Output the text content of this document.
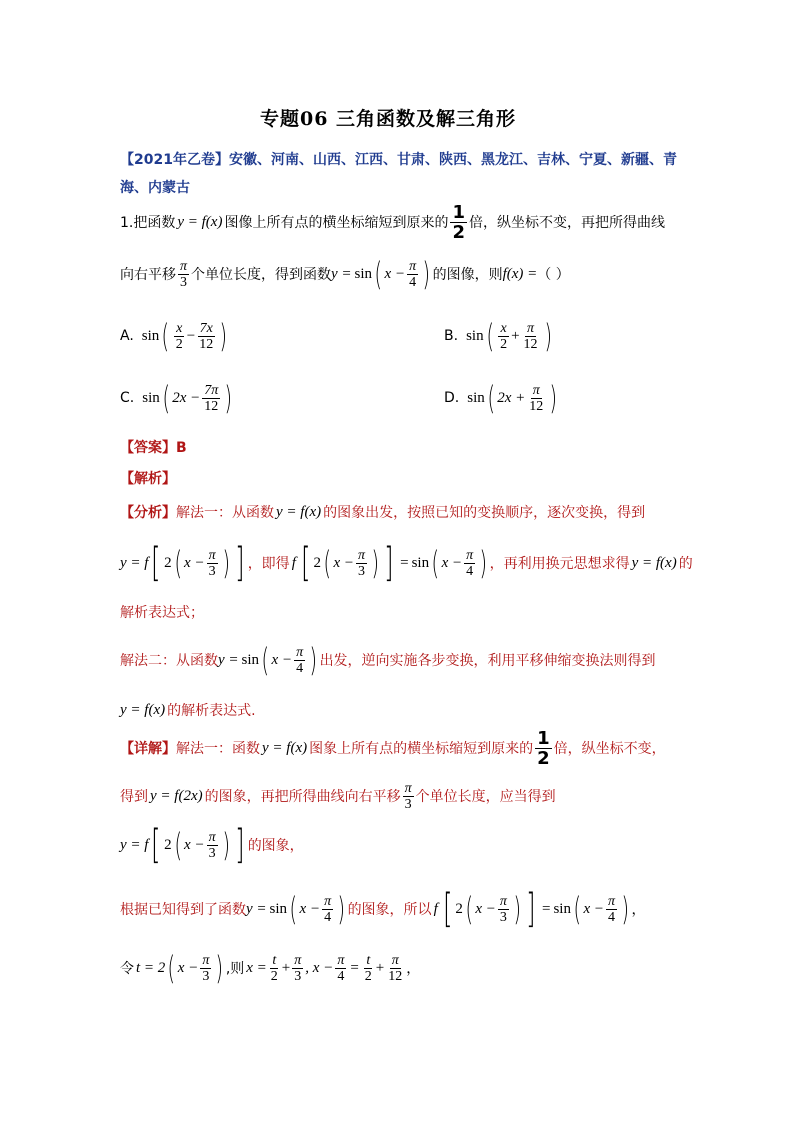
专题06 三角函数及解三角形
【2021年乙卷】安徽、河南、山西、江西、甘肃、陕西、黑龙江、吉林、宁夏、新疆、青
海、内蒙古
1.把函数 y = f(x) 图像上所有点的横坐标缩短到原来的 $\frac{1}{2}$ 倍，纵坐标不变，再把所得曲线
向右平移 $\frac{\pi}{3}$ 个单位长度，得到函数 y = sin ( $x - \frac{\pi}{4}$ ) 的图像，则 f(x) = （ ）
A. sin ( $\frac{x}{2} - \frac{7x}{12}$ )	B. sin ( $\frac{x}{2} + \frac{\pi}{12}$ )
C. sin ( $2x - \frac{7\pi}{12}$ )	D. sin ( $2x + \frac{\pi}{12}$ )
【答案】B
【解析】
【分析】 解法一：从函数 y = f(x) 的图象出发，按照已知的变换顺序，逐次变换，得到
y = f [ 2 ( $x - \frac{\pi}{3}$ ) ] ，即得 f [ 2 ( $x - \frac{\pi}{3}$ ) ] = sin ( $x - \frac{\pi}{4}$ ) ，再利用换元思想求得 y = f(x) 的
解析表达式；
解法二：从函数 y = sin ( $x - \frac{\pi}{4}$ ) 出发，逆向实施各步变换，利用平移伸缩变换法则得到
y = f(x) 的解析表达式.
【详解】 解法一：函数 y = f(x) 图象上所有点的横坐标缩短到原来的 $\frac{1}{2}$ 倍，纵坐标不变，
得到 y = f(2x) 的图象，再把所得曲线向右平移 $\frac{\pi}{3}$ 个单位长度，应当得到
y = f [ 2 ( $x - \frac{\pi}{3}$ ) ] 的图象，
根据已知得到了函数 y = sin ( $x - \frac{\pi}{4}$ ) 的图象，所以 f [ 2 ( $x - \frac{\pi}{3}$ ) ] = sin ( $x - \frac{\pi}{4}$ ) ，
令 t = 2 ( $x - \frac{\pi}{3}$ ) ,则 $x = \frac{t}{2} + \frac{\pi}{3}$ , $x - \frac{\pi}{4} = \frac{t}{2} + \frac{\pi}{12}$ ，
